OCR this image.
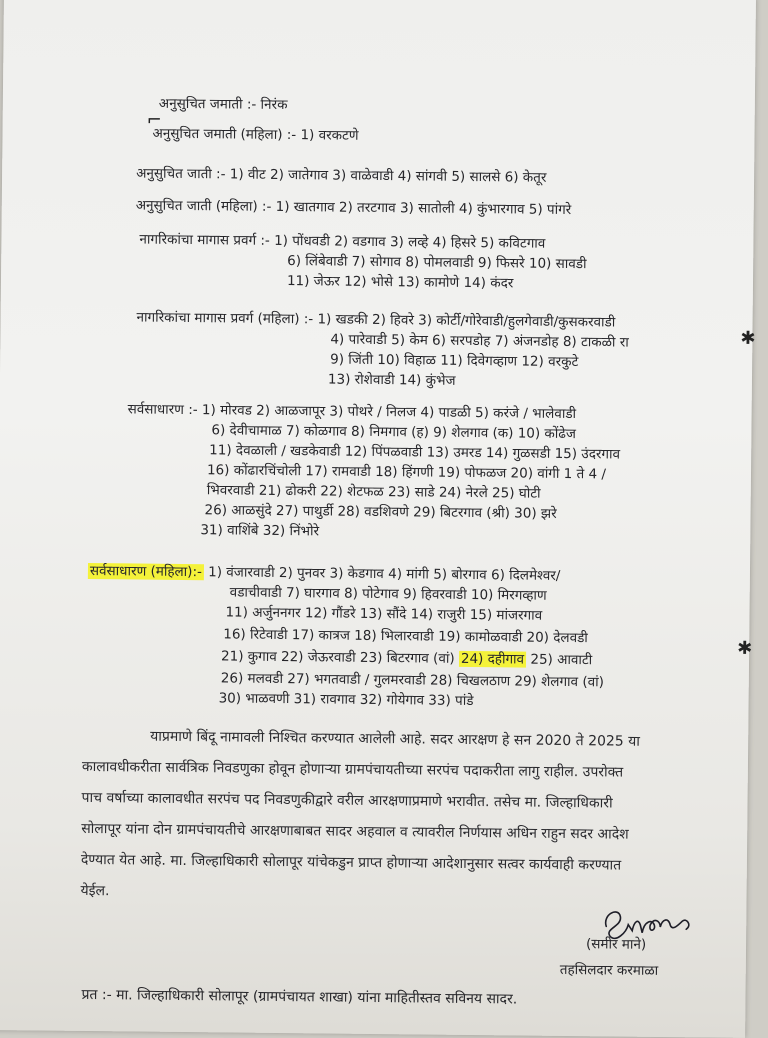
अनुसुचित जमाती :- निरंक
अनुसुचित जमाती (महिला) :- 1) वरकटणे
अनुसुचित जाती :- 1) वीट 2) जातेगाव 3) वाळेवाडी 4) सांगवी 5) सालसे 6) केतूर
अनुसुचित जाती (महिला) :- 1) खातगाव 2) तरटगाव 3) सातोली 4) कुंभारगाव 5) पांगरे
नागरिकांचा मागास प्रवर्ग :- 1) पोंधवडी 2) वडगाव 3) लव्हे 4) हिसरे 5) कविटगाव
6) लिंबेवाडी 7) सोगाव 8) पोमलवाडी 9) फिसरे 10) सावडी
11) जेऊर 12) भोसे 13) कामोणे 14) कंदर
नागरिकांचा मागास प्रवर्ग (महिला) :- 1) खडकी 2) हिवरे 3) कोर्टी/गोरेवाडी/हुलगेवाडी/कुसकरवाडी
4) पारेवाडी 5) केम 6) सरपडोह 7) अंजनडोह 8) टाकळी रा
9) जिंती 10) विहाळ 11) दिवेगव्हाण 12) वरकुटे
13) रोशेवाडी 14) कुंभेज
सर्वसाधारण :- 1) मोरवड 2) आळजापूर 3) पोथरे / निलज 4) पाडळी 5) करंजे / भालेवाडी
6) देवीचामाळ 7) कोळगाव 8) निमगाव (ह) 9) शेलगाव (क) 10) कोंढेज
11) देवळाली / खडकेवाडी 12) पिंपळवाडी 13) उमरड 14) गुळसडी 15) उंदरगाव
16) कोंढारचिंचोली 17) रामवाडी 18) हिंगणी 19) पोफळज 20) वांगी 1 ते 4 /
भिवरवाडी 21) ढोकरी 22) शेटफळ 23) साडे 24) नेरले 25) घोटी
26) आळसुंदे 27) पाथुर्डी 28) वडशिवणे 29) बिटरगाव (श्री) 30) झरे
31) वाशिंबे 32) निंभोरे
सर्वसाधारण (महिला):- 1) वंजारवाडी 2) पुनवर 3) केडगाव 4) मांगी 5) बोरगाव 6) दिलमेश्वर/
वडाचीवाडी 7) घारगाव 8) पोटेगाव 9) हिवरवाडी 10) मिरगव्हाण
11) अर्जुननगर 12) गौंडरे 13) सौंदे 14) राजुरी 15) मांजरगाव
16) रिटेवाडी 17) कात्रज 18) भिलारवाडी 19) कामोळवाडी 20) देलवडी
21) कुगाव 22) जेऊरवाडी 23) बिटरगाव (वां) 24) दहीगाव 25) आवाटी
26) मलवडी 27) भगतवाडी / गुलमरवाडी 28) चिखलठाण 29) शेलगाव (वां)
30) भाळवणी 31) रावगाव 32) गोयेगाव 33) पांडे
याप्रमाणे बिंदू नामावली निश्चित करण्यात आलेली आहे. सदर आरक्षण हे सन 2020 ते 2025 या
कालावधीकरीता सार्वत्रिक निवडणुका होवून होणाऱ्या ग्रामपंचायतीच्या सरपंच पदाकरीता लागु राहील. उपरोक्त
पाच वर्षाच्या कालावधीत सरपंच पद निवडणुकीद्वारे वरील आरक्षणाप्रमाणे भरावीत. तसेच मा. जिल्हाधिकारी
सोलापूर यांना दोन ग्रामपंचायतीचे आरक्षणाबाबत सादर अहवाल व त्यावरील निर्णयास अधिन राहुन सदर आदेश
देण्यात येत आहे. मा. जिल्हाधिकारी सोलापूर यांचेकडुन प्राप्त होणाऱ्या आदेशानुसार सत्वर कार्यवाही करण्यात
येईल.
(समीर माने)
तहसिलदार करमाळा
प्रत :- मा. जिल्हाधिकारी सोलापूर (ग्रामपंचायत शाखा) यांना माहितीस्तव सविनय सादर.
⌐
✱
✱
